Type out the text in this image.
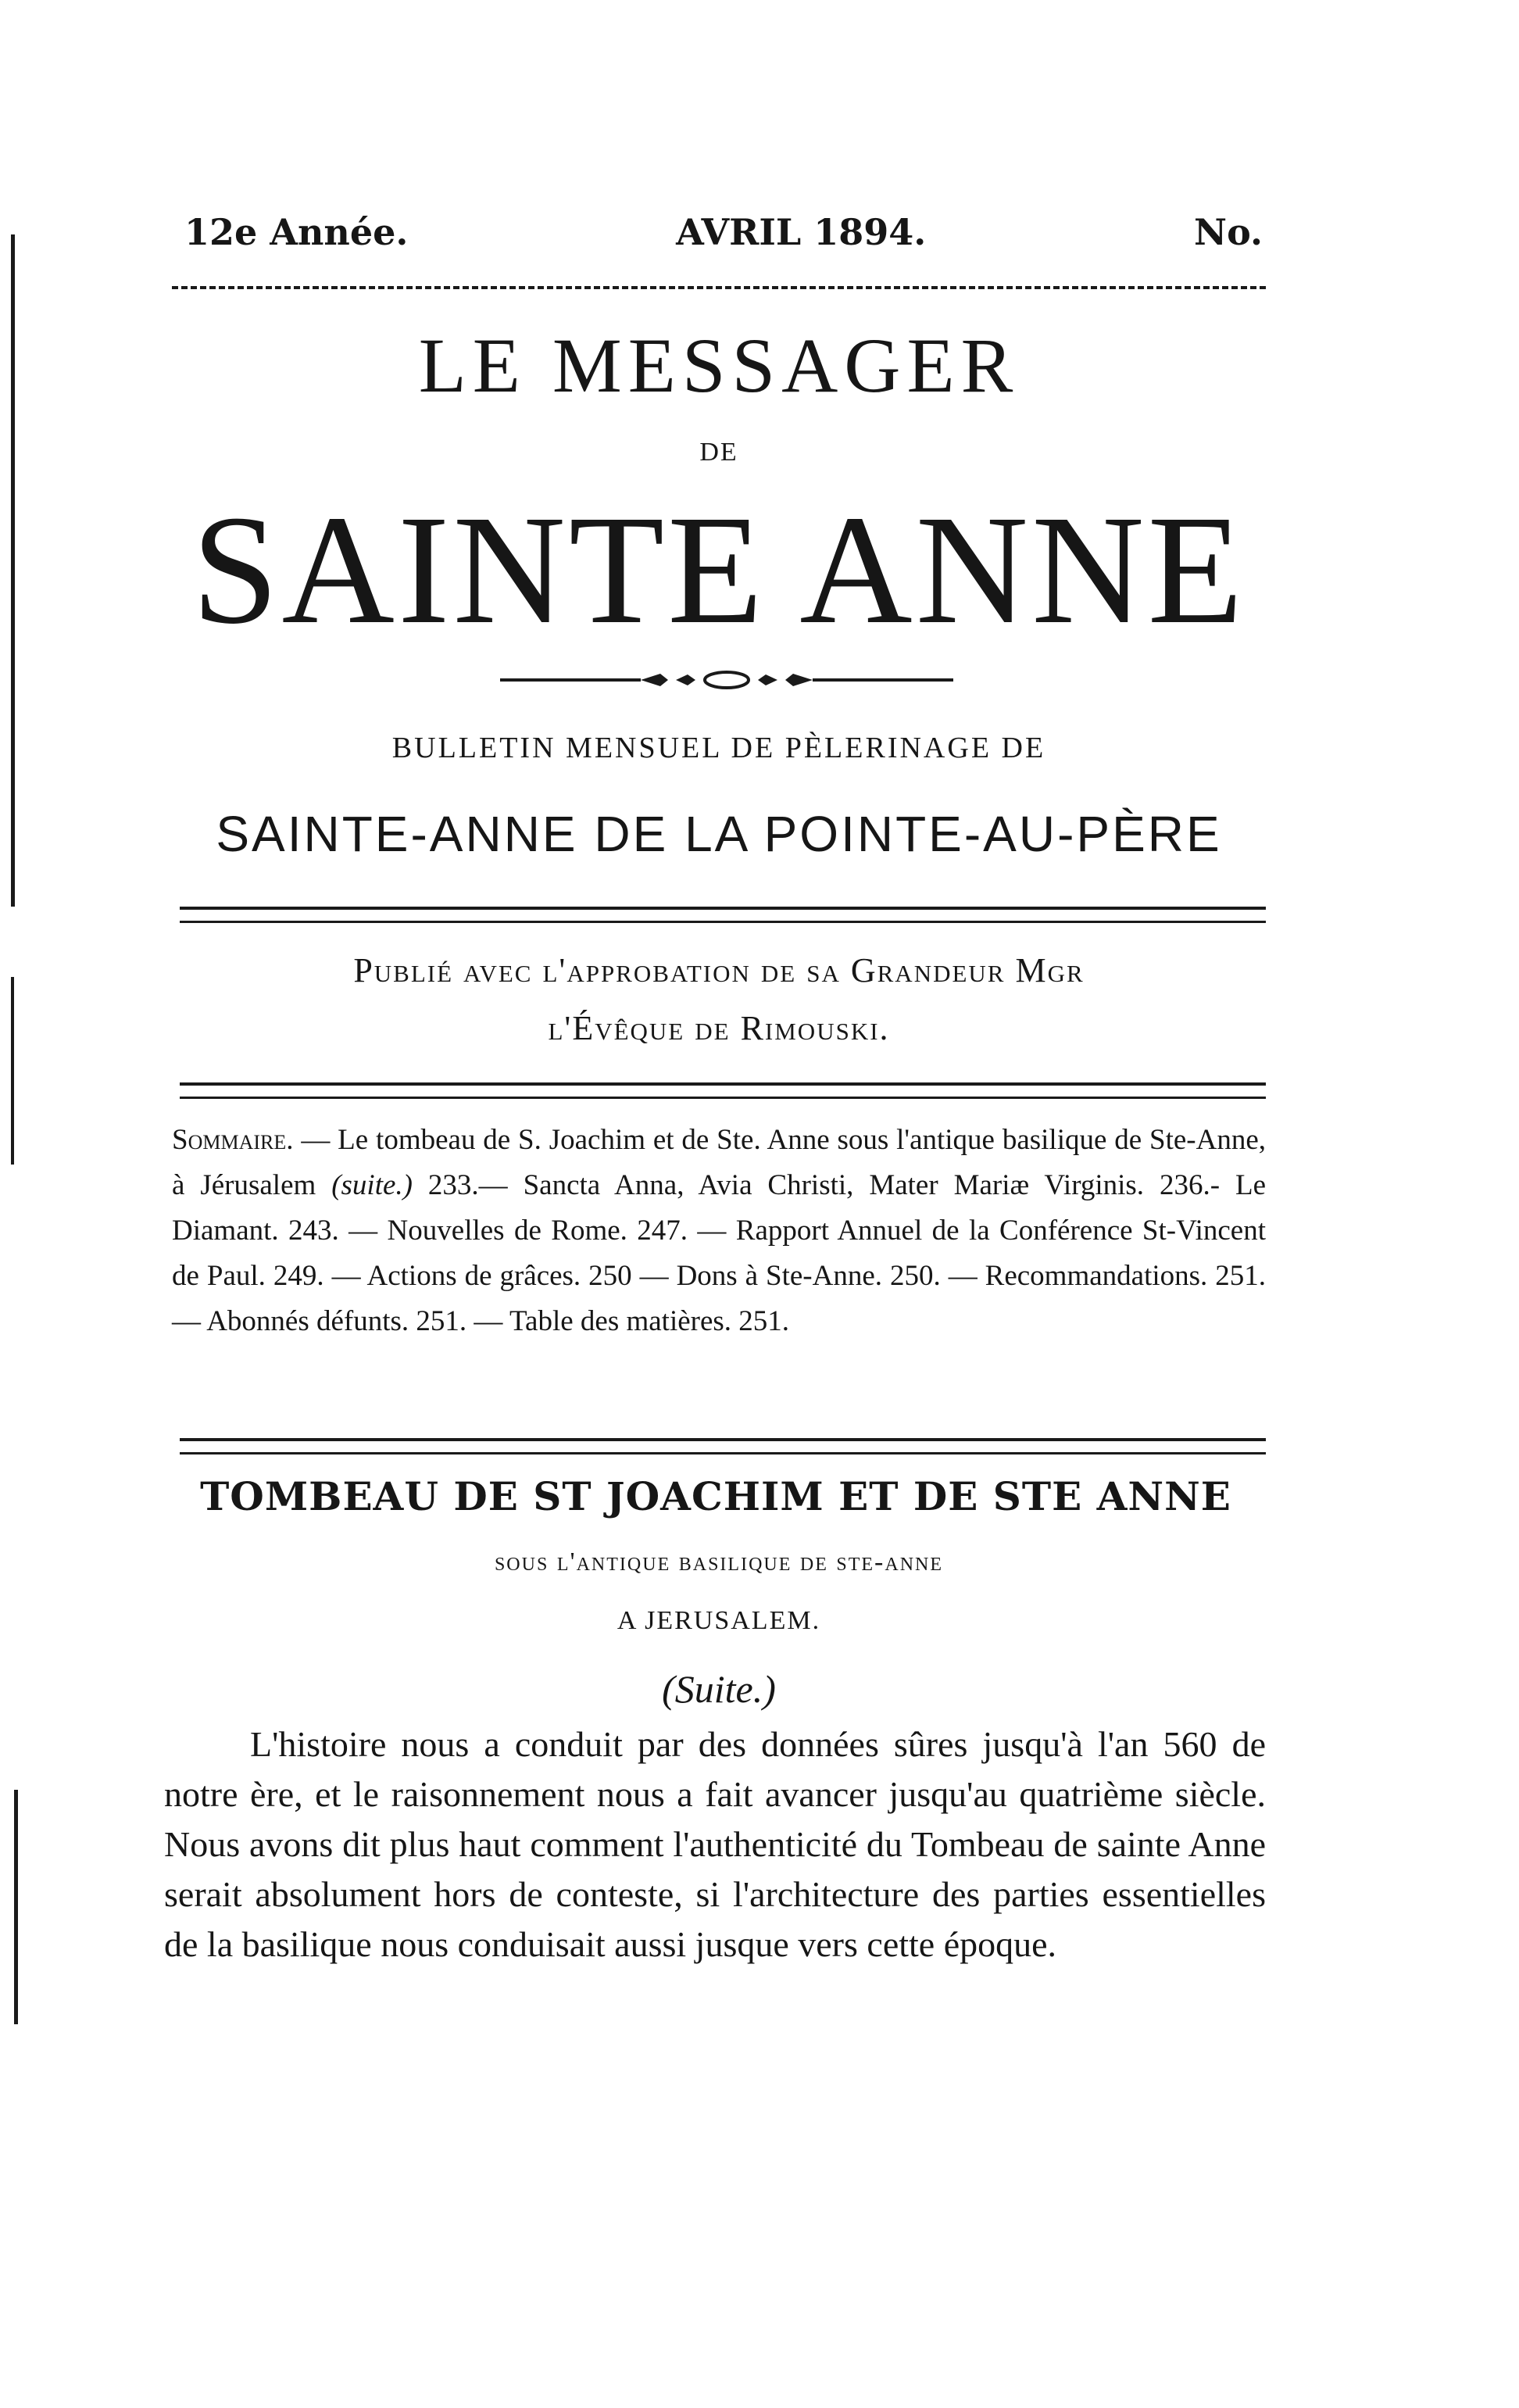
12e Année.	AVRIL 1894.	No.
LE MESSAGER
DE
SAINTE ANNE
BULLETIN MENSUEL DE PÈLERINAGE DE
SAINTE-ANNE DE LA POINTE-AU-PÈRE
Publié avec l'approbation de sa Grandeur Mgr
l'Évêque de Rimouski.
Sommaire. — Le tombeau de S. Joachim et de Ste. Anne sous l'antique basilique de Ste-Anne, à Jérusalem (suite.) 233.— Sancta Anna, Avia Christi, Mater Mariæ Virginis. 236.- Le Diamant. 243. — Nouvelles de Rome. 247. — Rapport Annuel de la Conférence St-Vincent de Paul. 249. — Actions de grâces. 250 — Dons à Ste-Anne. 250. — Recommandations. 251. — Abonnés défunts. 251. — Table des matières. 251.
TOMBEAU DE ST JOACHIM ET DE STE ANNE
sous l'antique basilique de ste-anne
A JERUSALEM.
(Suite.)

L'histoire nous a conduit par des données sûres jusqu'à l'an 560 de notre ère, et le raisonnement nous a fait avancer jusqu'au quatrième siècle. Nous avons dit plus haut comment l'authenticité du Tombeau de sainte Anne serait absolument hors de conteste, si l'architecture des parties essentielles de la basilique nous conduisait aussi jusque vers cette époque.
